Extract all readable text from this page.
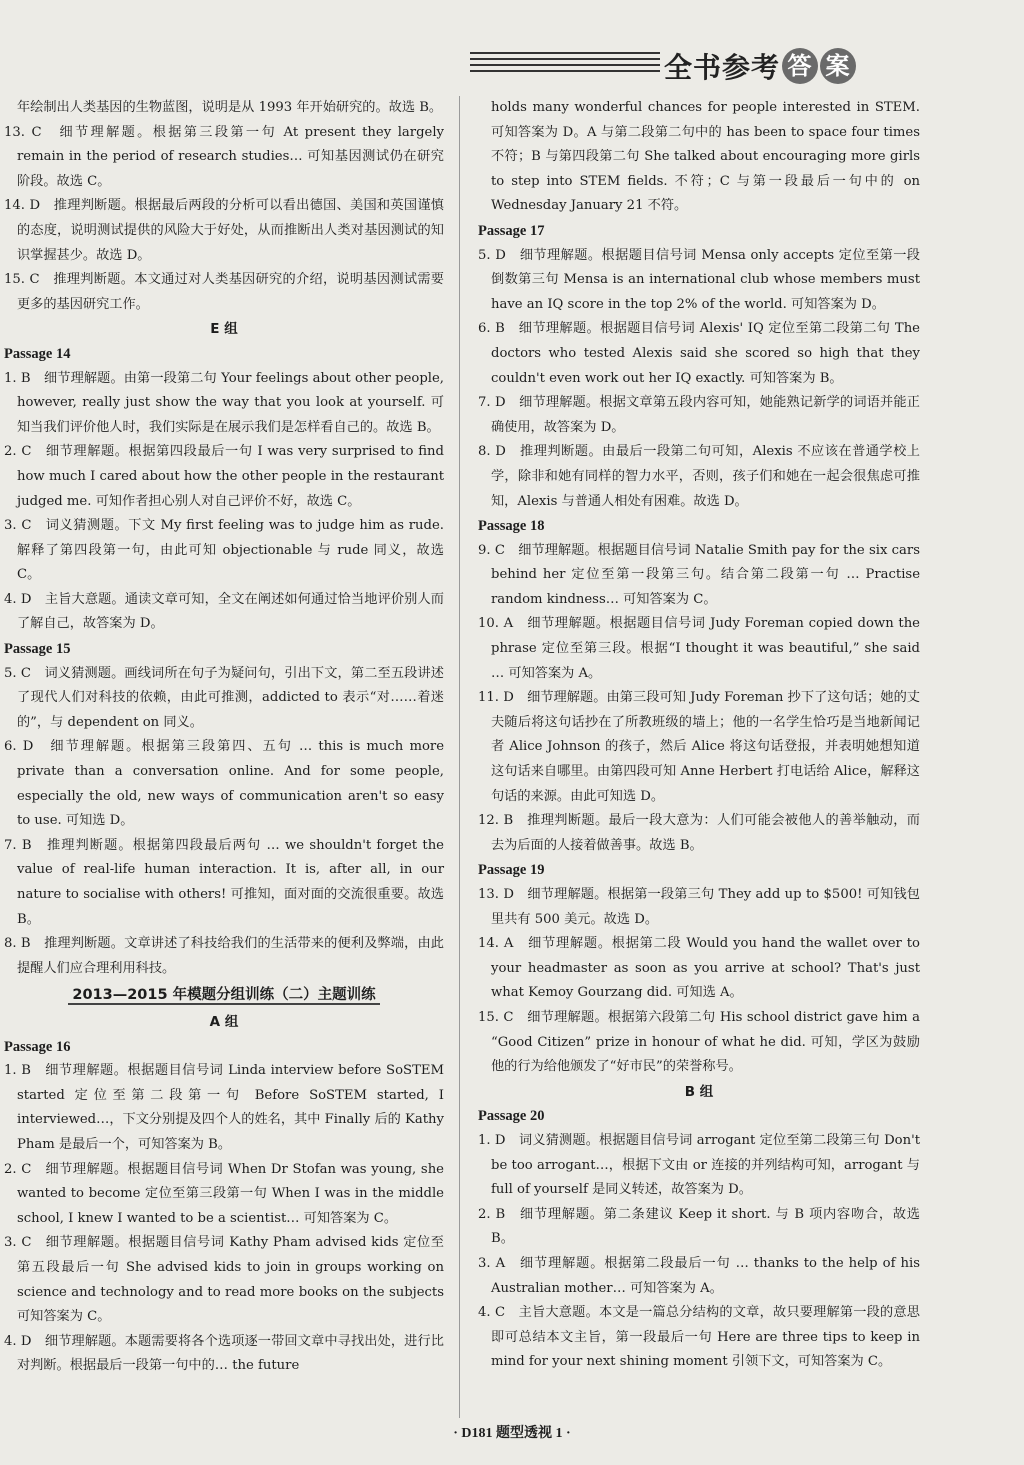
全书参考 答 案
年绘制出人类基因的生物蓝图，说明是从 1993 年开始研究的。故选 B。
13. C　细节理解题。根据第三段第一句 At present they largely remain in the period of research studies… 可知基因测试仍在研究阶段。故选 C。
14. D　推理判断题。根据最后两段的分析可以看出德国、美国和英国谨慎的态度，说明测试提供的风险大于好处，从而推断出人类对基因测试的知识掌握甚少。故选 D。
15. C　推理判断题。本文通过对人类基因研究的介绍，说明基因测试需要更多的基因研究工作。
E 组
Passage 14
1. B　细节理解题。由第一段第二句 Your feelings about other people, however, really just show the way that you look at yourself. 可知当我们评价他人时，我们实际是在展示我们是怎样看自己的。故选 B。
2. C　细节理解题。根据第四段最后一句 I was very surprised to find how much I cared about how the other people in the restaurant judged me. 可知作者担心别人对自己评价不好，故选 C。
3. C　词义猜测题。下文 My first feeling was to judge him as rude. 解释了第四段第一句，由此可知 objectionable 与 rude 同义，故选 C。
4. D　主旨大意题。通读文章可知，全文在阐述如何通过恰当地评价别人而了解自己，故答案为 D。
Passage 15
5. C　词义猜测题。画线词所在句子为疑问句，引出下文，第二至五段讲述了现代人们对科技的依赖，由此可推测，addicted to 表示“对……着迷的”，与 dependent on 同义。
6. D　细节理解题。根据第三段第四、五句 … this is much more private than a conversation online. And for some people, especially the old, new ways of communication aren't so easy to use. 可知选 D。
7. B　推理判断题。根据第四段最后两句 … we shouldn't forget the value of real-life human interaction. It is, after all, in our nature to socialise with others! 可推知，面对面的交流很重要。故选 B。
8. B　推理判断题。文章讲述了科技给我们的生活带来的便利及弊端，由此提醒人们应合理利用科技。
2013—2015 年模题分组训练（二）主题训练
A 组
Passage 16
1. B　细节理解题。根据题目信号词 Linda interview before SoSTEM started 定位至第二段第一句 Before SoSTEM started, I interviewed…，下文分别提及四个人的姓名，其中 Finally 后的 Kathy Pham 是最后一个，可知答案为 B。
2. C　细节理解题。根据题目信号词 When Dr Stofan was young, she wanted to become 定位至第三段第一句 When I was in the middle school, I knew I wanted to be a scientist… 可知答案为 C。
3. C　细节理解题。根据题目信号词 Kathy Pham advised kids 定位至第五段最后一句 She advised kids to join in groups working on science and technology and to read more books on the subjects 可知答案为 C。
4. D　细节理解题。本题需要将各个选项逐一带回文章中寻找出处，进行比对判断。根据最后一段第一句中的… the future
holds many wonderful chances for people interested in STEM. 可知答案为 D。A 与第二段第二句中的 has been to space four times 不符；B 与第四段第二句 She talked about encouraging more girls to step into STEM fields. 不符；C 与第一段最后一句中的 on Wednesday January 21 不符。
Passage 17
5. D　细节理解题。根据题目信号词 Mensa only accepts 定位至第一段倒数第三句 Mensa is an international club whose members must have an IQ score in the top 2% of the world. 可知答案为 D。
6. B　细节理解题。根据题目信号词 Alexis' IQ 定位至第二段第二句 The doctors who tested Alexis said she scored so high that they couldn't even work out her IQ exactly. 可知答案为 B。
7. D　细节理解题。根据文章第五段内容可知，她能熟记新学的词语并能正确使用，故答案为 D。
8. D　推理判断题。由最后一段第二句可知，Alexis 不应该在普通学校上学，除非和她有同样的智力水平，否则，孩子们和她在一起会很焦虑可推知，Alexis 与普通人相处有困难。故选 D。
Passage 18
9. C　细节理解题。根据题目信号词 Natalie Smith pay for the six cars behind her 定位至第一段第三句。结合第二段第一句 … Practise random kindness… 可知答案为 C。
10. A　细节理解题。根据题目信号词 Judy Foreman copied down the phrase 定位至第三段。根据“I thought it was beautiful,” she said … 可知答案为 A。
11. D　细节理解题。由第三段可知 Judy Foreman 抄下了这句话；她的丈夫随后将这句话抄在了所教班级的墙上；他的一名学生恰巧是当地新闻记者 Alice Johnson 的孩子，然后 Alice 将这句话登报，并表明她想知道这句话来自哪里。由第四段可知 Anne Herbert 打电话给 Alice，解释这句话的来源。由此可知选 D。
12. B　推理判断题。最后一段大意为：人们可能会被他人的善举触动，而去为后面的人接着做善事。故选 B。
Passage 19
13. D　细节理解题。根据第一段第三句 They add up to $500! 可知钱包里共有 500 美元。故选 D。
14. A　细节理解题。根据第二段 Would you hand the wallet over to your headmaster as soon as you arrive at school? That's just what Kemoy Gourzang did. 可知选 A。
15. C　细节理解题。根据第六段第二句 His school district gave him a “Good Citizen” prize in honour of what he did. 可知，学区为鼓励他的行为给他颁发了“好市民”的荣誉称号。
B 组
Passage 20
1. D　词义猜测题。根据题目信号词 arrogant 定位至第二段第三句 Don't be too arrogant…，根据下文由 or 连接的并列结构可知，arrogant 与 full of yourself 是同义转述，故答案为 D。
2. B　细节理解题。第二条建议 Keep it short. 与 B 项内容吻合，故选 B。
3. A　细节理解题。根据第二段最后一句 … thanks to the help of his Australian mother… 可知答案为 A。
4. C　主旨大意题。本文是一篇总分结构的文章，故只要理解第一段的意思即可总结本文主旨，第一段最后一句 Here are three tips to keep in mind for your next shining moment 引领下文，可知答案为 C。
· D181 题型透视 1 ·
